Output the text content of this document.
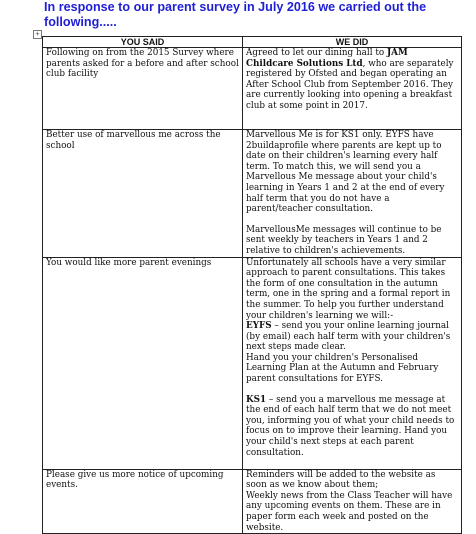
In response to our parent survey in July 2016 we carried out the following.....
+
YOU SAID	WE DID
Following on from the 2015 Survey where parents asked for a before and after school club facility	Agreed to let our dining hall to JAM Childcare Solutions Ltd, who are separately registered by Ofsted and began operating an After School Club from September 2016. They are currently looking into opening a breakfast club at some point in 2017.

Better use of marvellous me across the school	Marvellous Me is for KS1 only. EYFS have 2buildaprofile where parents are kept up to date on their children's learning every half term. To match this, we will send you a Marvellous Me message about your child's learning in Years 1 and 2 at the end of every half term that you do not have a parent/teacher consultation.

MarvellousMe messages will continue to be sent weekly by teachers in Years 1 and 2 relative to children's achievements.

You would like more parent evenings	Unfortunately all schools have a very similar approach to parent consultations. This takes the form of one consultation in the autumn term, one in the spring and a formal report in the summer. To help you further understand your children's learning we will:-

EYFS – send you your online learning journal (by email) each half term with your children's next steps made clear.

Hand you your children's Personalised Learning Plan at the Autumn and February parent consultations for EYFS.

KS1 – send you a marvellous me message at the end of each half term that we do not meet you, informing you of what your child needs to focus on to improve their learning. Hand you your child's next steps at each parent consultation.

Please give us more notice of upcoming events.	Reminders will be added to the website as soon as we know about them;

Weekly news from the Class Teacher will have any upcoming events on them. These are in paper form each week and posted on the website.
